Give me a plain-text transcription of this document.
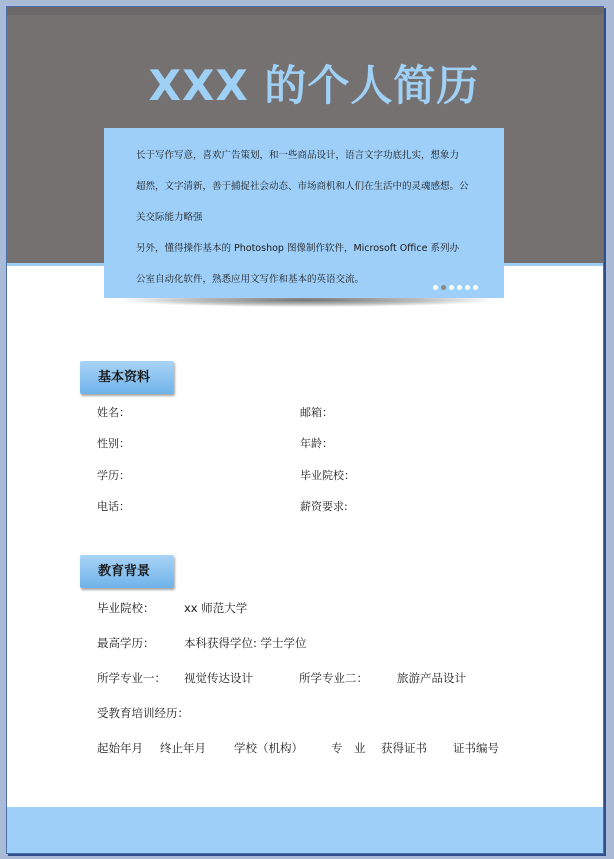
XXX 的个人简历
长于写作写意，喜欢广告策划，和一些商品设计，语言文字功底扎实，想象力
超然，文字清新，善于捕捉社会动态、市场商机和人们在生活中的灵魂感想。公
关交际能力略强
另外，懂得操作基本的 Photoshop 图像制作软件，Microsoft Office 系列办
公室自动化软件，熟悉应用文写作和基本的英语交流。
基本资料
姓名：	邮箱：
性别：	年龄：
学历：	毕业院校：
电话：	薪资要求:
教育背景
毕业院校：	xx 师范大学
最高学历：	本科获得学位: 学士学位
所学专业一： 视觉传达设计	所学专业二：	旅游产品设计
受教育培训经历：
起始年月 终止年月 学校（机构） 专　业 获得证书 证书编号
